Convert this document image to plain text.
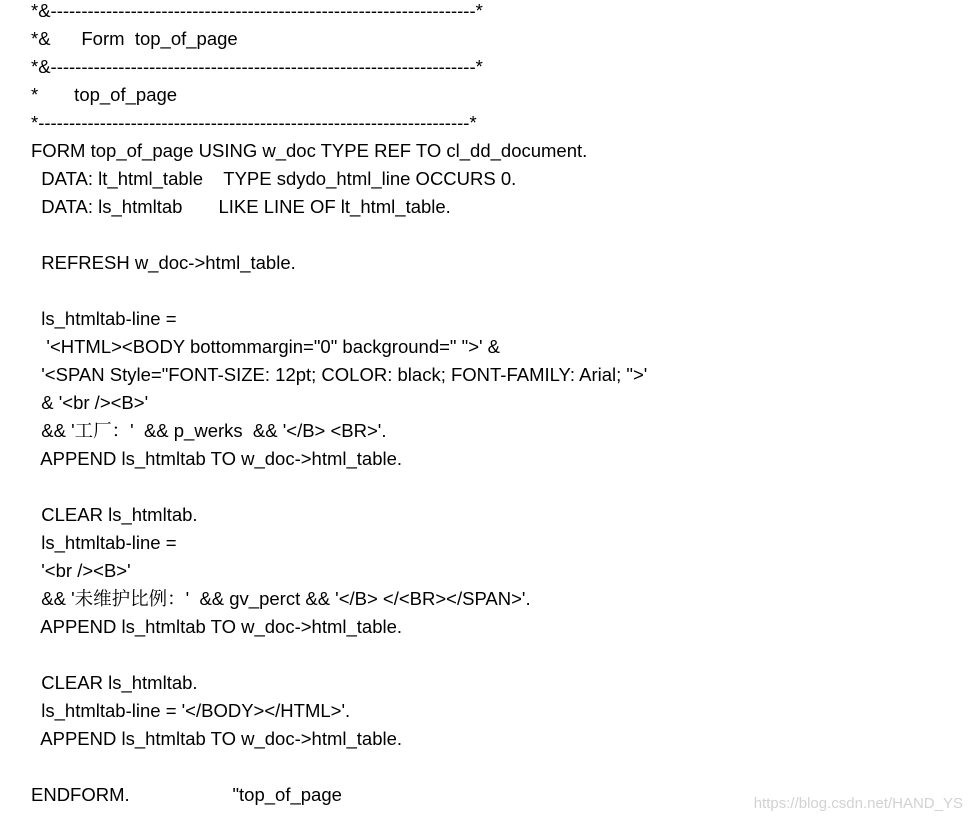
*&---------------------------------------------------------------------*
*&      Form  top_of_page
*&---------------------------------------------------------------------*
*       top_of_page
*----------------------------------------------------------------------*
FORM top_of_page USING w_doc TYPE REF TO cl_dd_document.
DATA: lt_html_table    TYPE sdydo_html_line OCCURS 0.
DATA: ls_htmltab       LIKE LINE OF lt_html_table.
REFRESH w_doc->html_table.
ls_htmltab-line =
'<HTML><BODY bottommargin="0" background=" ">' &
'<SPAN Style="FONT-SIZE: 12pt; COLOR: black; FONT-FAMILY: Arial; ">'
& '<br /><B>'
&& '工厂：'  && p_werks  && '</B> <BR>'.
APPEND ls_htmltab TO w_doc->html_table.
CLEAR ls_htmltab.
ls_htmltab-line =
'<br /><B>'
&& '未维护比例：'  && gv_perct && '</B> </<BR></SPAN>'.
APPEND ls_htmltab TO w_doc->html_table.
CLEAR ls_htmltab.
ls_htmltab-line = '</BODY></HTML>'.
APPEND ls_htmltab TO w_doc->html_table.
ENDFORM.                    "top_of_page	https://blog.csdn.net/HAND_YS
